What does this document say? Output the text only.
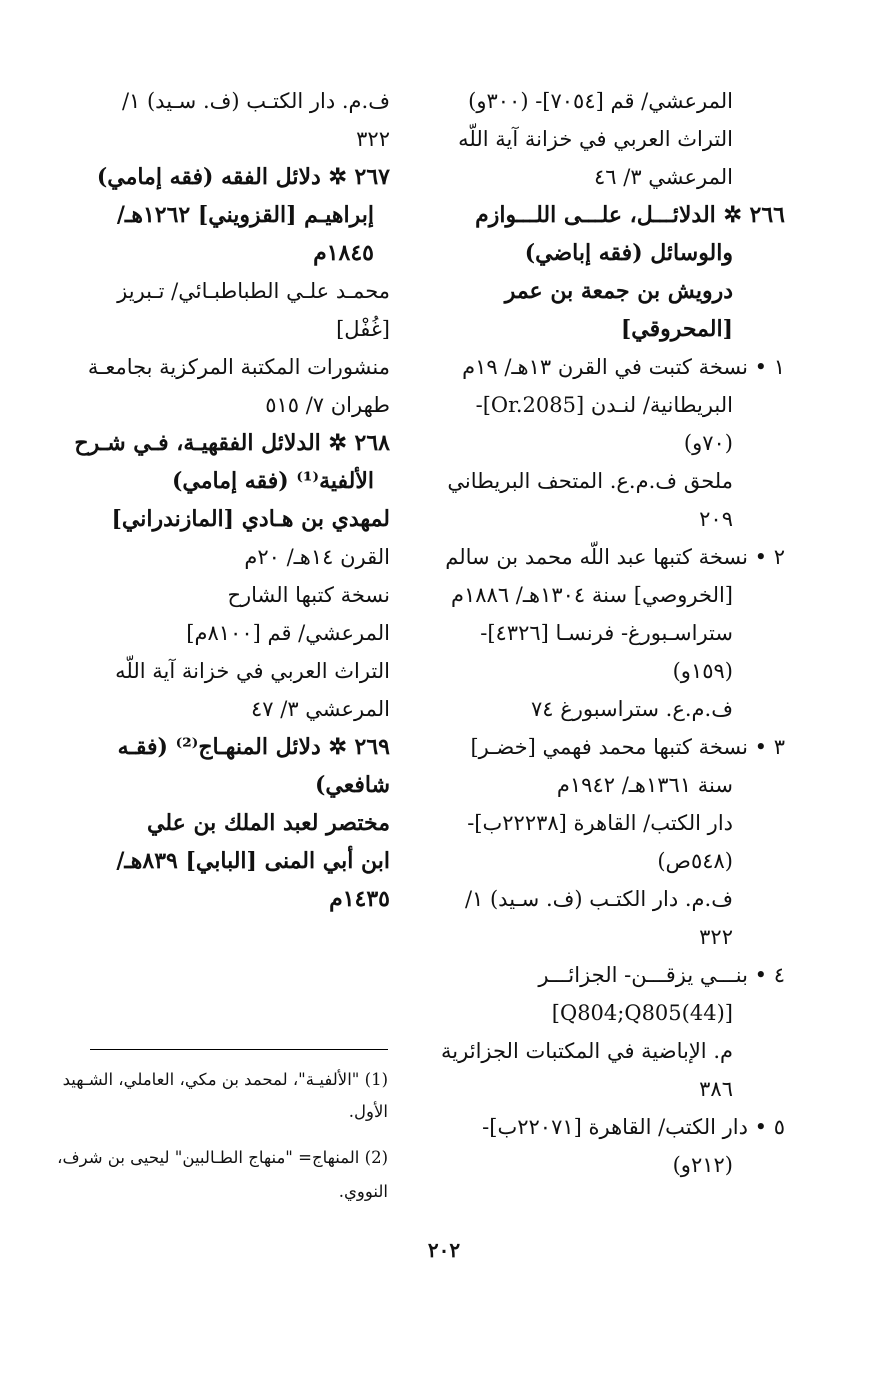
المرعشي/ قم [٧٠٥٤]- (٣٠٠و)
التراث العربي في خزانة آية اللّه
المرعشي ٣/ ٤٦
٢٦٦ ✲ الدلائـــل، علـــى اللـــوازم
والوسائل (فقه إباضي)
درويش بن جمعة بن عمر
[المحروقي]
١ • نسخة كتبت في القرن ١٣هـ/ ١٩م
البريطانية/ لنـدن [Or.2085]-
(٧٠و)
ملحق ف.م.ع. المتحف البريطاني
٢٠٩
٢ • نسخة كتبها عبد اللّه محمد بن سالم
[الخروصي] سنة ١٣٠٤هـ/ ١٨٨٦م
ستراسـبورغ- فرنسـا [٤٣٢٦]-
(١٥٩و)
ف.م.ع. ستراسبورغ ٧٤
٣ • نسخة كتبها محمد فهمي [خضـر]
سنة ١٣٦١هـ/ ١٩٤٢م
دار الكتب/ القاهرة [٢٢٢٣٨ب]-
(٥٤٨ص)
ف.م. دار الكتـب (ف. سـيد) ١/
٣٢٢
٤ • بنـــي يزقـــن- الجزائـــر
[(44)Q804;Q805]
م. الإباضية في المكتبات الجزائرية
٣٨٦
٥ • دار الكتب/ القاهرة [٢٢٠٧١ب]-
(٢١٢و)
ف.م. دار الكتـب (ف. سـيد) ١/
٣٢٢
٢٦٧ ✲ دلائل الفقه (فقه إمامي)
إبراهيـم [القزويني] ١٢٦٢هـ/
١٨٤٥م
محمـد علـي الطباطبـائي/ تـبريز
[غُفْل]
منشورات المكتبة المركزية بجامعـة
طهران ٧/ ٥١٥
٢٦٨ ✲ الدلائل الفقهيـة، فـي شـرح
الألفية⁽¹⁾ (فقه إمامي)
لمهدي بن هـادي [المازندراني]
القرن ١٤هـ/ ٢٠م
نسخة كتبها الشارح
المرعشي/ قم [٨١٠٠م]
التراث العربي في خزانة آية اللّه
المرعشي ٣/ ٤٧
٢٦٩ ✲ دلائل المنهـاج⁽²⁾ (فقـه
شافعي)
مختصر لعبد الملك بن علي
ابن أبي المنى [البابي] ٨٣٩هـ/
١٤٣٥م
(1) "الألفيـة"، لمحمد بن مكي، العاملي، الشـهيد
الأول.
(2) المنهاج= "منهاج الطـالبين" ليحيى بن شرف،
النووي.
٢٠٢
